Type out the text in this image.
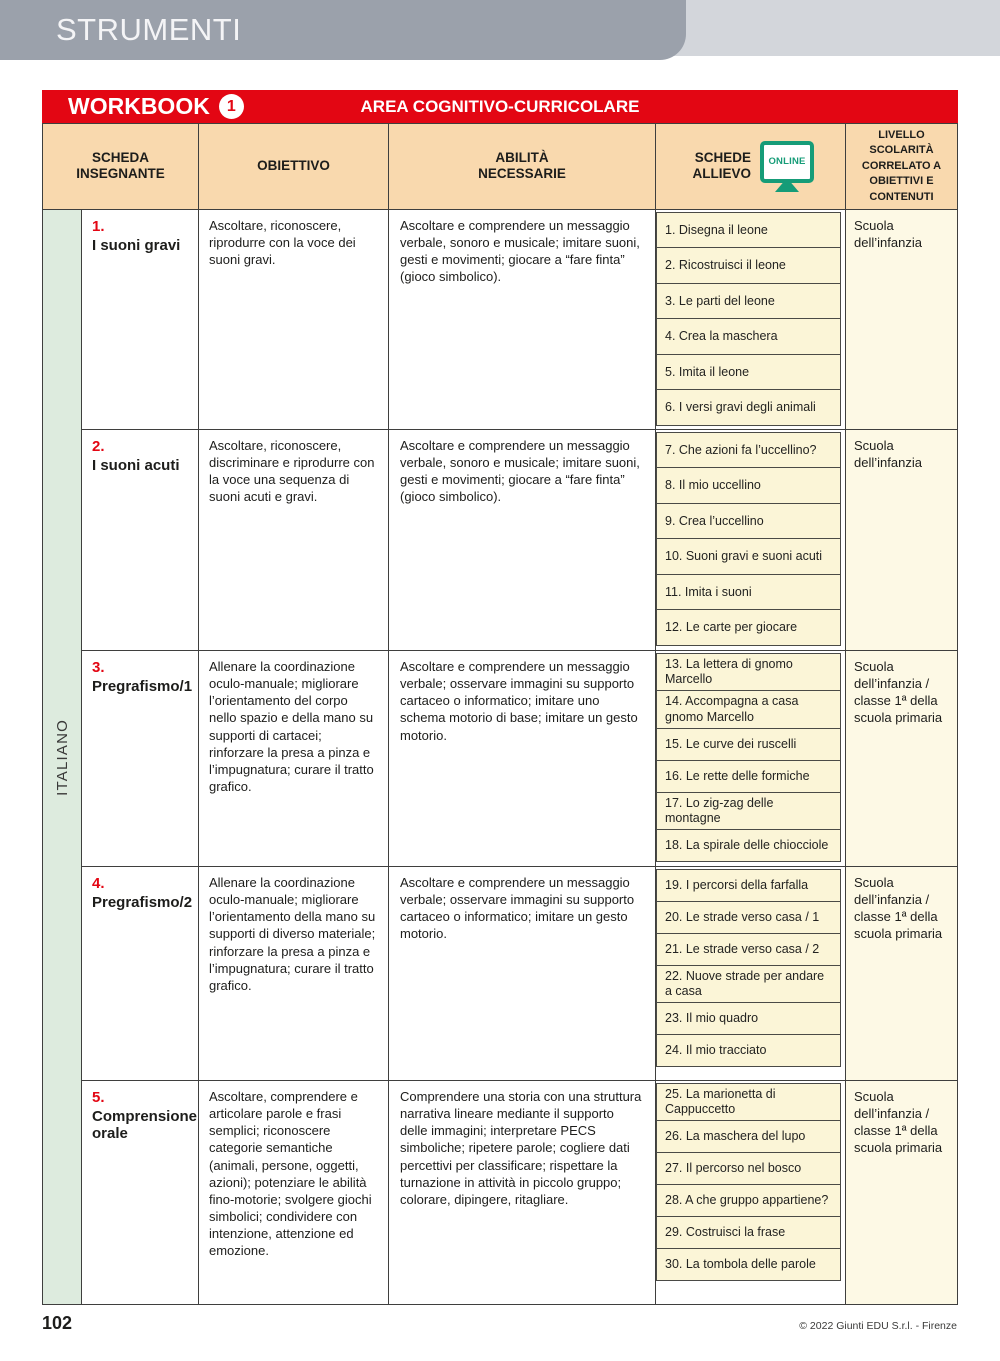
STRUMENTI
AREA COGNITIVO-CURRICOLARE
WORKBOOK	1
SCHEDA INSEGNANTE
OBIETTIVO
ABILITÀ NECESSARIE
SCHEDE ALLIEVO
ONLINE
LIVELLO SCOLARITÀ CORRELATO A OBIETTIVI E CONTENUTI
ITALIANO
1.
I suoni gravi
Ascoltare, riconoscere, riprodurre con la voce dei suoni gravi.
Ascoltare e comprendere un messaggio verbale, sonoro e musicale; imitare suoni, gesti e movimenti; giocare a “fare finta” (gioco simbolico).
1. Disegna il leone
2. Ricostruisci il leone
3. Le parti del leone
4. Crea la maschera
5. Imita il leone
6. I versi gravi degli animali
Scuola dell’infanzia
2.
I suoni acuti
Ascoltare, riconoscere, discriminare e riprodurre con la voce una sequenza di suoni acuti e gravi.
Ascoltare e comprendere un messaggio verbale, sonoro e musicale; imitare suoni, gesti e movimenti; giocare a “fare finta” (gioco simbolico).
7. Che azioni fa l’uccellino?
8. Il mio uccellino
9. Crea l’uccellino
10. Suoni gravi e suoni acuti
11. Imita i suoni
12. Le carte per giocare
Scuola dell’infanzia
3.
Pregrafismo/1
Allenare la coordinazione oculo-manuale; migliorare l’orientamento del corpo nello spazio e della mano su supporti di cartacei; rinforzare la presa a pinza e l’impugnatura; curare il tratto grafico.
Ascoltare e comprendere un messaggio verbale; osservare immagini su supporto cartaceo o informatico; imitare uno schema motorio di base; imitare un gesto motorio.
13. La lettera di gnomo Marcello
14. Accompagna a casa gnomo Marcello
15. Le curve dei ruscelli
16. Le rette delle formiche
17. Lo zig-zag delle montagne
18. La spirale delle chiocciole
Scuola dell’infanzia / classe 1ª della scuola primaria
4.
Pregrafismo/2
Allenare la coordinazione oculo-manuale; migliorare l’orientamento della mano su supporti di diverso materiale; rinforzare la presa a pinza e l’impugnatura; curare il tratto grafico.
Ascoltare e comprendere un messaggio verbale; osservare immagini su supporto cartaceo o informatico; imitare un gesto motorio.
19. I percorsi della farfalla
20. Le strade verso casa / 1
21. Le strade verso casa / 2
22. Nuove strade per andare a casa
23. Il mio quadro
24. Il mio tracciato
Scuola dell’infanzia / classe 1ª della scuola primaria
5.
Comprensione orale
Ascoltare, comprendere e articolare parole e frasi semplici; riconoscere categorie semantiche (animali, persone, oggetti, azioni); potenziare le abilità fino-motorie; svolgere giochi simbolici; condividere con intenzione, attenzione ed emozione.
Comprendere una storia con una struttura narrativa lineare mediante il supporto delle immagini; interpretare PECS simboliche; ripetere parole; cogliere dati percettivi per classificare; rispettare la turnazione in attività in piccolo gruppo; colorare, dipingere, ritagliare.
25. La marionetta di Cappuccetto
26. La maschera del lupo
27. Il percorso nel bosco
28. A che gruppo appartiene?
29. Costruisci la frase
30. La tombola delle parole
Scuola dell’infanzia / classe 1ª della scuola primaria
102	© 2022 Giunti EDU S.r.l. - Firenze
